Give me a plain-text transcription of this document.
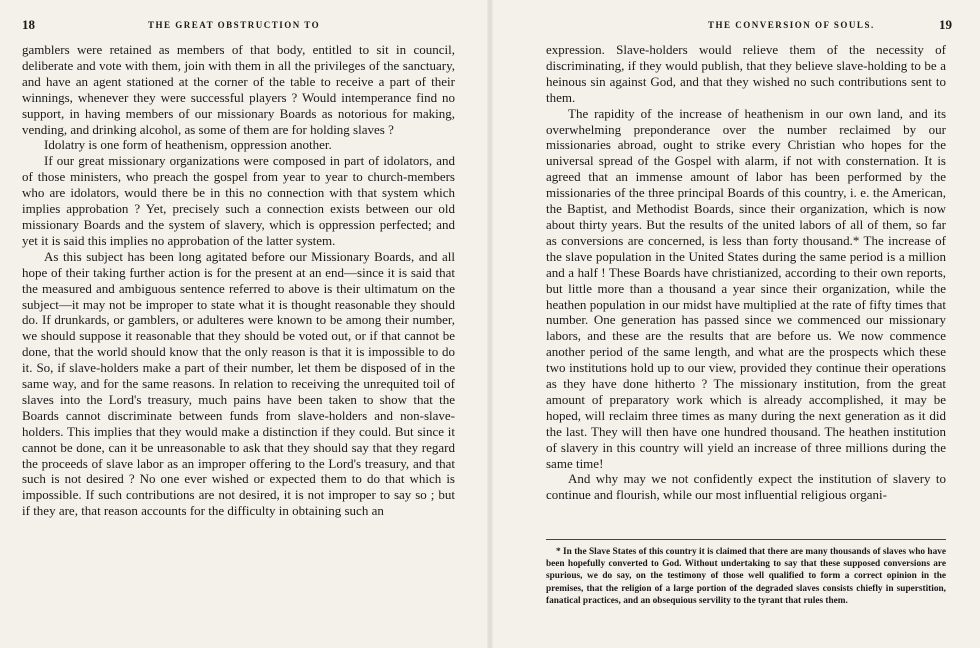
18	THE GREAT OBSTRUCTION TO

gamblers were retained as members of that body, entitled to sit in council, deliberate and vote with them, join with them in all the privileges of the sanctuary, and have an agent stationed at the corner of the table to receive a part of their winnings, whenever they were successful players ? Would intemperance find no support, in having members of our missionary Boards as notorious for making, vending, and drinking alcohol, as some of them are for holding slaves ?

Idolatry is one form of heathenism, oppression another.

If our great missionary organizations were composed in part of idolators, and of those ministers, who preach the gospel from year to year to church-members who are idolators, would there be in this no connection with that system which implies approbation ? Yet, precisely such a connection exists between our old missionary Boards and the system of slavery, which is oppression perfected; and yet it is said this implies no approbation of the latter system.

As this subject has been long agitated before our Missionary Boards, and all hope of their taking further action is for the present at an end—since it is said that the measured and ambiguous sentence referred to above is their ultimatum on the subject—it may not be improper to state what it is thought reasonable they should do. If drunkards, or gamblers, or adulteres were known to be among their number, we should suppose it reasonable that they should be voted out, or if that cannot be done, that the world should know that the only reason is that it is impossible to do it. So, if slave-holders make a part of their number, let them be disposed of in the same way, and for the same reasons. In relation to receiving the unrequited toil of slaves into the Lord's treasury, much pains have been taken to show that the Boards cannot discriminate between funds from slave-holders and non-slave-holders. This implies that they would make a distinction if they could. But since it cannot be done, can it be unreasonable to ask that they should say that they regard the proceeds of slave labor as an improper offering to the Lord's treasury, and that such is not desired ? No one ever wished or expected them to do that which is impossible. If such contributions are not desired, it is not improper to say so ; but if they are, that reason accounts for the difficulty in obtaining such an

THE CONVERSION OF SOULS.	19

expression. Slave-holders would relieve them of the necessity of discriminating, if they would publish, that they believe slave-holding to be a heinous sin against God, and that they wished no such contributions sent to them.

The rapidity of the increase of heathenism in our own land, and its overwhelming preponderance over the number reclaimed by our missionaries abroad, ought to strike every Christian who hopes for the universal spread of the Gospel with alarm, if not with consternation. It is agreed that an immense amount of labor has been performed by the missionaries of the three principal Boards of this country, i. e. the American, the Baptist, and Methodist Boards, since their organization, which is now about thirty years. But the results of the united labors of all of them, so far as conversions are concerned, is less than forty thousand.* The increase of the slave population in the United States during the same period is a million and a half ! These Boards have christianized, according to their own reports, but little more than a thousand a year since their organization, while the heathen population in our midst have multiplied at the rate of fifty times that number. One generation has passed since we commenced our missionary labors, and these are the results that are before us. We now commence another period of the same length, and what are the prospects which these two institutions hold up to our view, provided they continue their operations as they have done hitherto ? The missionary institution, from the great amount of preparatory work which is already accomplished, it may be hoped, will reclaim three times as many during the next generation as it did the last. They will then have one hundred thousand. The heathen institution of slavery in this country will yield an increase of three millions during the same time!

And why may we not confidently expect the institution of slavery to continue and flourish, while our most influential religious organi-

* In the Slave States of this country it is claimed that there are many thousands of slaves who have been hopefully converted to God. Without undertaking to say that these supposed conversions are spurious, we do say, on the testimony of those well qualified to form a correct opinion in the premises, that the religion of a large portion of the degraded slaves consists chiefly in superstition, fanatical practices, and an obsequious servility to the tyrant that rules them.
